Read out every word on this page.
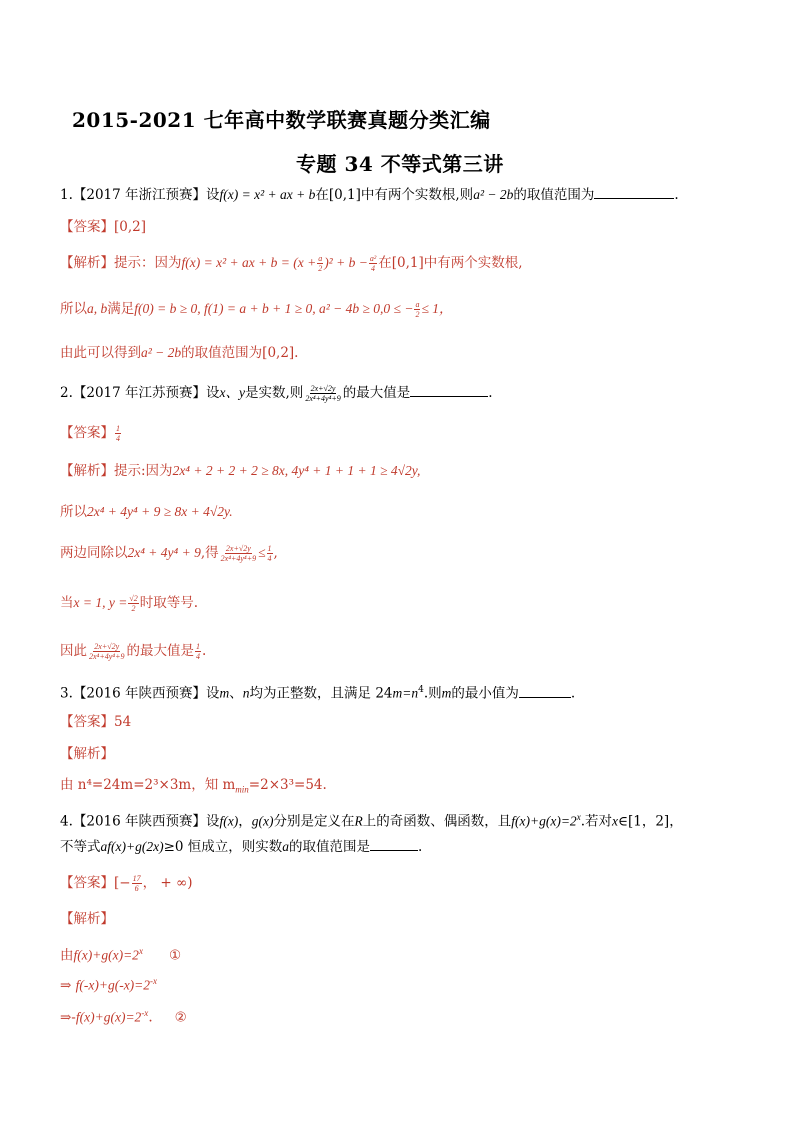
2015-2021 七年高中数学联赛真题分类汇编
专题 34 不等式第三讲
1.【2017 年浙江预赛】设f(x) = x² + ax + b在[0,1]中有两个实数根,则a² − 2b的取值范围为	.
【答案】[0,2]
【解析】提示：因为f(x) = x² + ax + $b = (x + \frac{a}{2} )^2 + b - \frac{\text{a²}}{4}$ 在[0,1]中有两个实数根,
所以a, b满足f(0) = b ≥ 0, f(1) = a + b + 1 ≥ 0, a² − 4b ≥ 0,0 ≤ − $\frac{a}{2} \le 1$，
由此可以得到a² − 2b的取值范围为[0,2].
2.【2017 年江苏预赛】设x、y是实数,则 $\frac{2x+√2y}{\text{2x⁴+4y⁴+9}}$ 的最大值是	.
【答案】 $\frac{1}{4}$
【解析】提示:因为2x⁴ + 2 + 2 + 2 ≥ 8x, 4y⁴ + 1 + 1 + 1 ≥ 4√2y,
所以2x⁴ + 4y⁴ + 9 ≥ 8x + 4√2y.
两边同除以2x⁴ + 4y⁴ + 9,得 $\frac{2x+√2y}{\text{2x⁴+4y⁴+9}} \le \frac{1}{4}$ ,
当x = 1, $y = \frac{√2}{2}$ 时取等号.
因此 $\frac{2x+√2y}{\text{2x⁴+4y⁴+9}}$ 的最大值是 $\frac{1}{4}$ .
3.【2016 年陕西预赛】设m、n均为正整数，且满足 $24m=n^4$.则m的最小值为	.
【答案】54
【解析】
由 n⁴=24m=2³×3m，知 $m_{min}=2\times 3^3=54$.
4.【2016 年陕西预赛】设f(x)，g(x)分别是定义在R上的奇函数、偶函数，且$f(x)+g(x)=2^x$.若对x∈[1，2]，
不等式af(x)+g(2x)≥0 恒成立，则实数a的取值范围是	.
【答案】[− $\frac{17}{6}$ ， + ∞)
【解析】
由$f(x)+g(x)=2^x$ ①
⇒ $f(-x)+g(-x)=2^{-x}$
$\Rightarrow-f(x)+g(x)=2^{-x}$. ②
